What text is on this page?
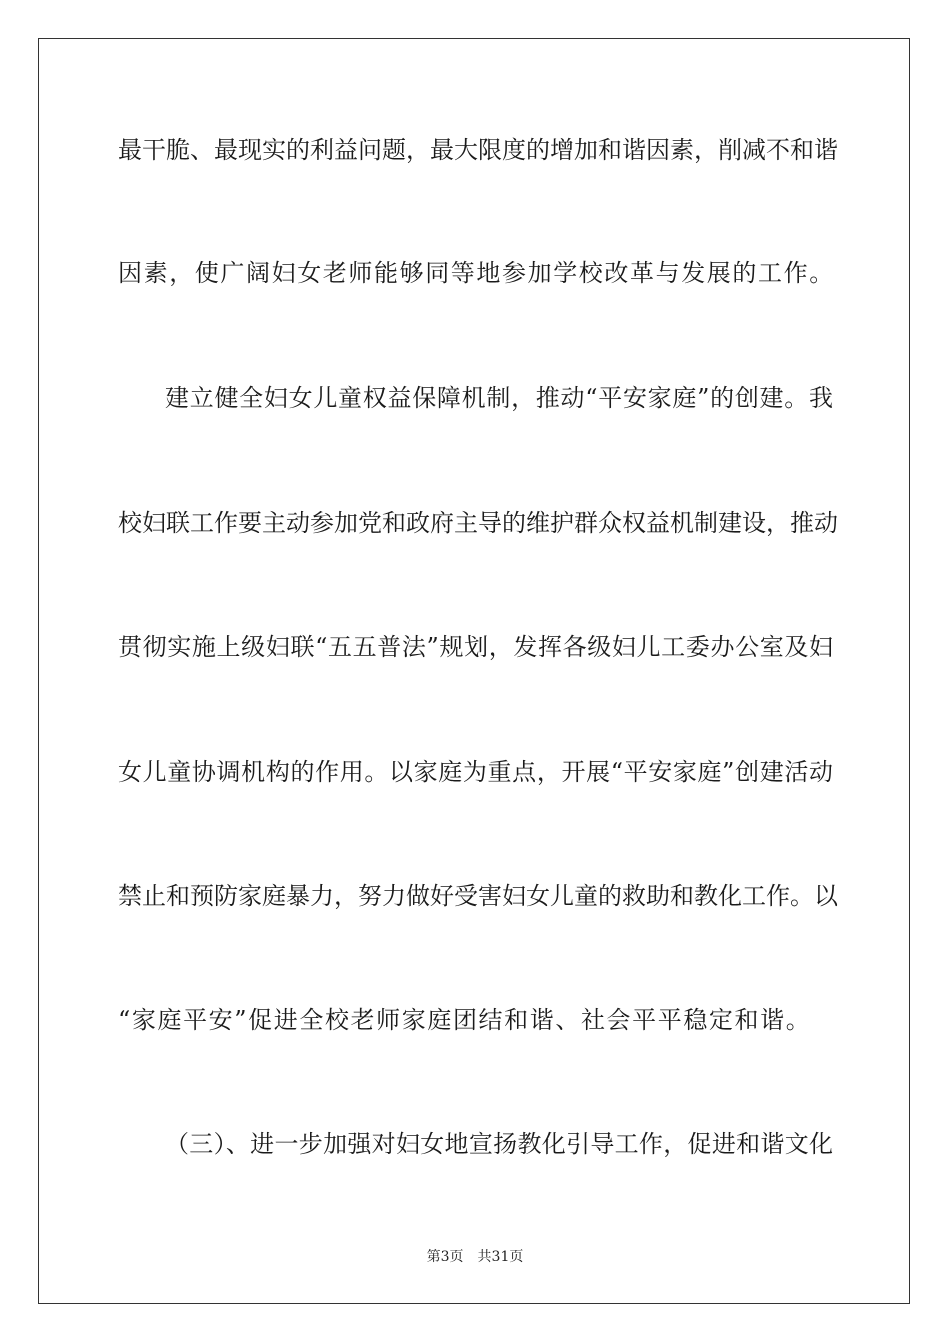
最干脆、最现实的利益问题，最大限度的增加和谐因素，削减不和谐
因素，使广阔妇女老师能够同等地参加学校改革与发展的工作。
建立健全妇女儿童权益保障机制，推动“平安家庭”的创建。我
校妇联工作要主动参加党和政府主导的维护群众权益机制建设，推动
贯彻实施上级妇联“五五普法”规划，发挥各级妇儿工委办公室及妇
女儿童协调机构的作用。以家庭为重点，开展“平安家庭”创建活动
禁止和预防家庭暴力，努力做好受害妇女儿童的救助和教化工作。以
“家庭平安”促进全校老师家庭团结和谐、社会平平稳定和谐。
（三）、进一步加强对妇女地宣扬教化引导工作，促进和谐文化
第3页 共31页
